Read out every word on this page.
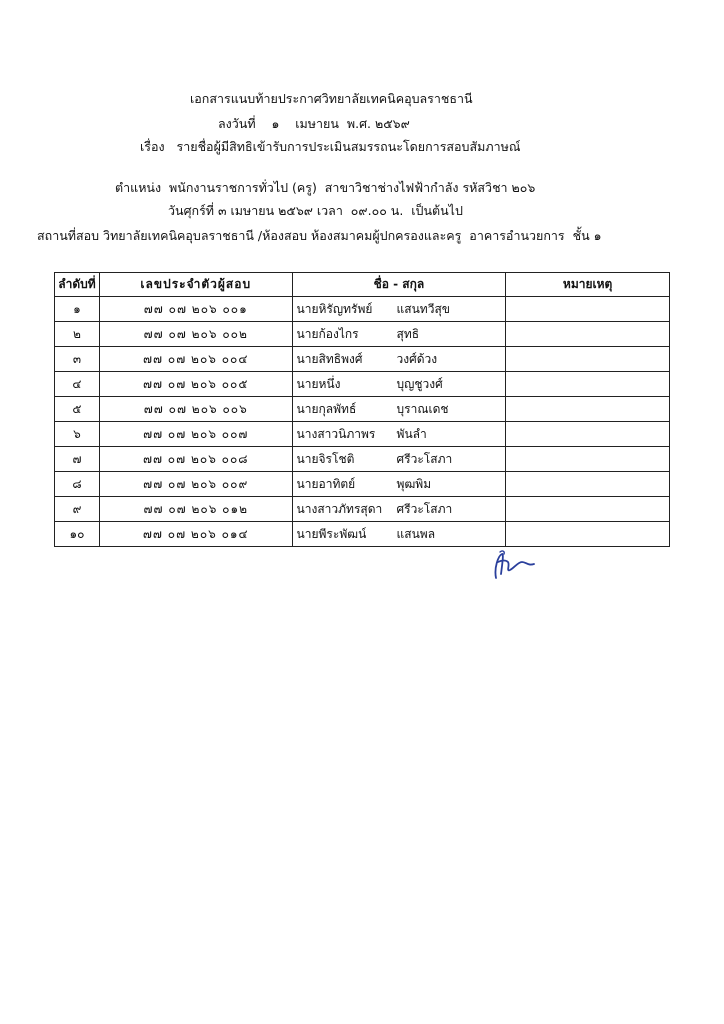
เอกสารแนบท้ายประกาศวิทยาลัยเทคนิคอุบลราชธานี
ลงวันที่    ๑    เมษายน  พ.ศ. ๒๕๖๙
เรื่อง   รายชื่อผู้มีสิทธิเข้ารับการประเมินสมรรถนะโดยการสอบสัมภาษณ์
ตำแหน่ง  พนักงานราชการทั่วไป (ครู)  สาขาวิชาช่างไฟฟ้ากำลัง รหัสวิชา ๒๐๖
วันศุกร์ที่ ๓ เมษายน ๒๕๖๙ เวลา  ๐๙.๐๐ น.  เป็นต้นไป
สถานที่สอบ วิทยาลัยเทคนิคอุบลราชธานี /ห้องสอบ ห้องสมาคมผู้ปกครองและครู  อาคารอำนวยการ  ชั้น ๑
ลำดับที่	เลขประจำตัวผู้สอบ	ชื่อ - สกุล	หมายเหตุ
๑	๗๗ ๐๗ ๒๐๖ ๐๐๑	นายหิรัญทรัพย์ แสนทวีสุข	
๒	๗๗ ๐๗ ๒๐๖ ๐๐๒	นายก้องไกร สุทธิ	
๓	๗๗ ๐๗ ๒๐๖ ๐๐๔	นายสิทธิพงศ์ วงศ์ด้วง	
๔	๗๗ ๐๗ ๒๐๖ ๐๐๕	นายหนึ่ง บุญชูวงศ์	
๕	๗๗ ๐๗ ๒๐๖ ๐๐๖	นายกุลพัทธ์ บุราณเดช	
๖	๗๗ ๐๗ ๒๐๖ ๐๐๗	นางสาวนิภาพร พันลำ	
๗	๗๗ ๐๗ ๒๐๖ ๐๐๘	นายจิรโชติ ศรีวะโสภา	
๘	๗๗ ๐๗ ๒๐๖ ๐๐๙	นายอาทิตย์ พุฒพิม	
๙	๗๗ ๐๗ ๒๐๖ ๐๑๒	นางสาวภัทรสุดา ศรีวะโสภา	
๑๐	๗๗ ๐๗ ๒๐๖ ๐๑๔	นายพีระพัฒน์ แสนพล	
